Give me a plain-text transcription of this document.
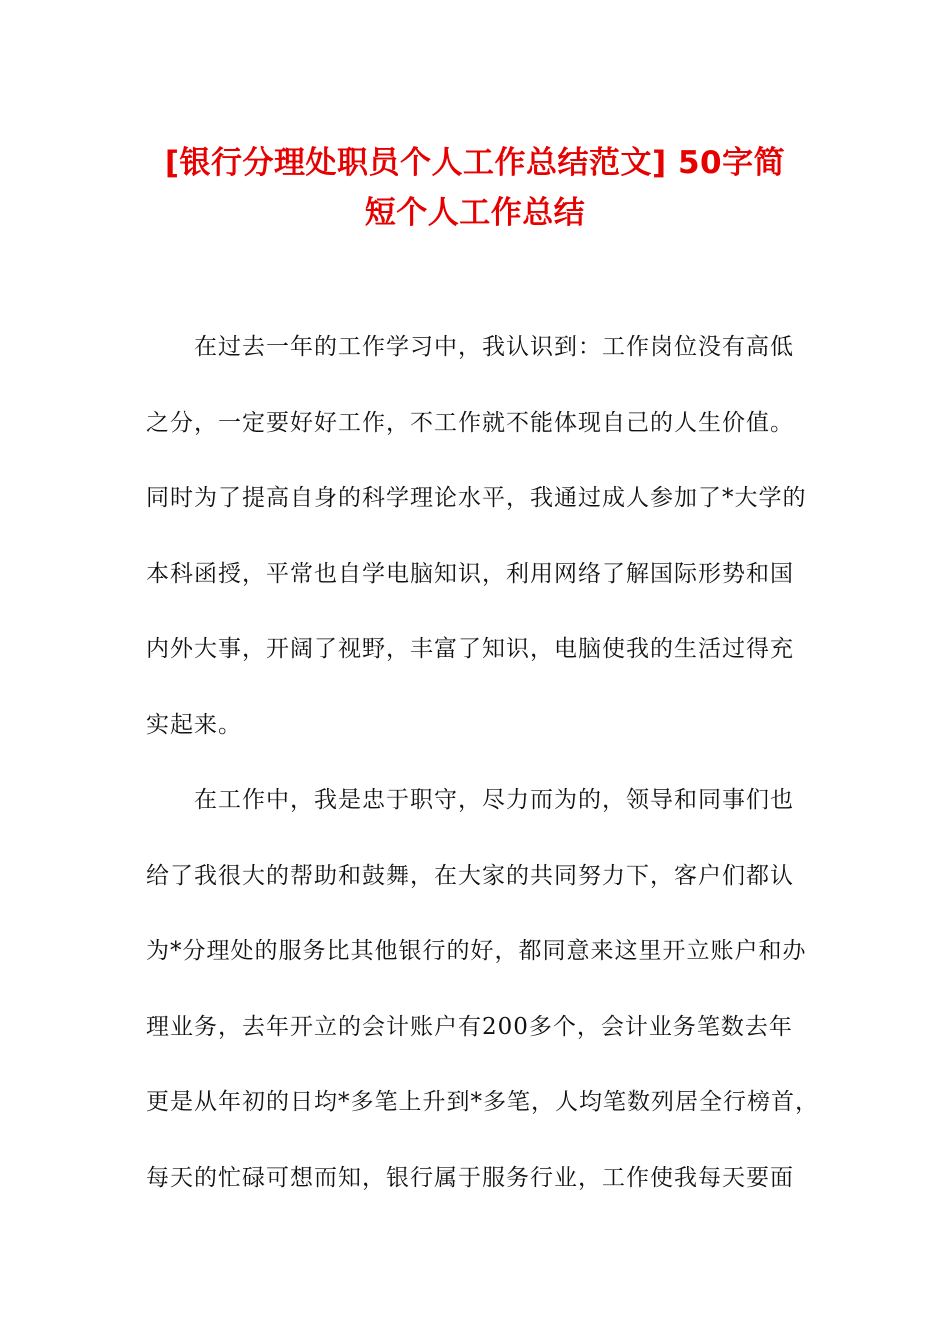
[银行分理处职员个人工作总结范文] 50字简
短个人工作总结
在过去一年的工作学习中，我认识到：工作岗位没有高低
之分，一定要好好工作，不工作就不能体现自己的人生价值。
同时为了提高自身的科学理论水平，我通过成人参加了*大学的
本科函授，平常也自学电脑知识，利用网络了解国际形势和国
内外大事，开阔了视野，丰富了知识，电脑使我的生活过得充
实起来。
在工作中，我是忠于职守，尽力而为的，领导和同事们也
给了我很大的帮助和鼓舞，在大家的共同努力下，客户们都认
为*分理处的服务比其他银行的好，都同意来这里开立账户和办
理业务，去年开立的会计账户有200多个，会计业务笔数去年
更是从年初的日均*多笔上升到*多笔，人均笔数列居全行榜首，
每天的忙碌可想而知，银行属于服务行业，工作使我每天要面
